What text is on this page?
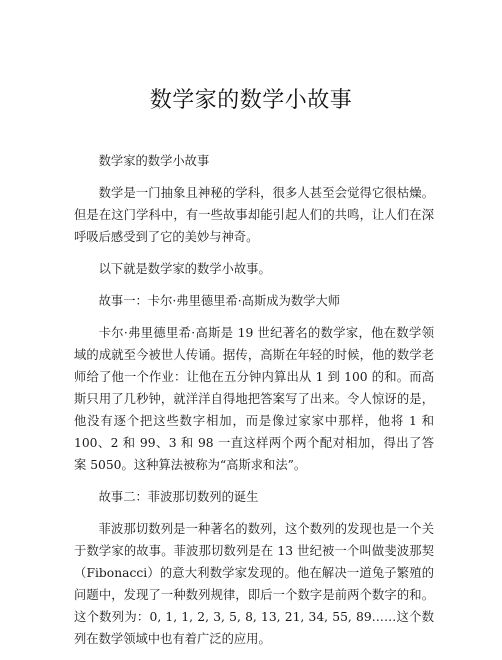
数学家的数学小故事

数学家的数学小故事

数学是一门抽象且神秘的学科，很多人甚至会觉得它很枯燥。但是在这门学科中，有一些故事却能引起人们的共鸣，让人们在深呼吸后感受到了它的美妙与神奇。

以下就是数学家的数学小故事。

故事一：卡尔·弗里德里希·高斯成为数学大师

卡尔·弗里德里希·高斯是 19 世纪著名的数学家，他在数学领域的成就至今被世人传诵。据传，高斯在年轻的时候，他的数学老师给了他一个作业：让他在五分钟内算出从 1 到 100 的和。而高斯只用了几秒钟，就洋洋自得地把答案写了出来。令人惊讶的是，他没有逐个把这些数字相加，而是像过家家中那样，他将 1 和 100、2 和 99、3 和 98 一直这样两个两个配对相加，得出了答案 5050。这种算法被称为“高斯求和法”。

故事二：菲波那切数列的诞生

菲波那切数列是一种著名的数列，这个数列的发现也是一个关于数学家的故事。菲波那切数列是在 13 世纪被一个叫做斐波那契（Fibonacci）的意大利数学家发现的。他在解决一道兔子繁殖的问题中，发现了一种数列规律，即后一个数字是前两个数字的和。这个数列为：0, 1, 1, 2, 3, 5, 8, 13, 21, 34, 55, 89……这个数列在数学领域中也有着广泛的应用。
